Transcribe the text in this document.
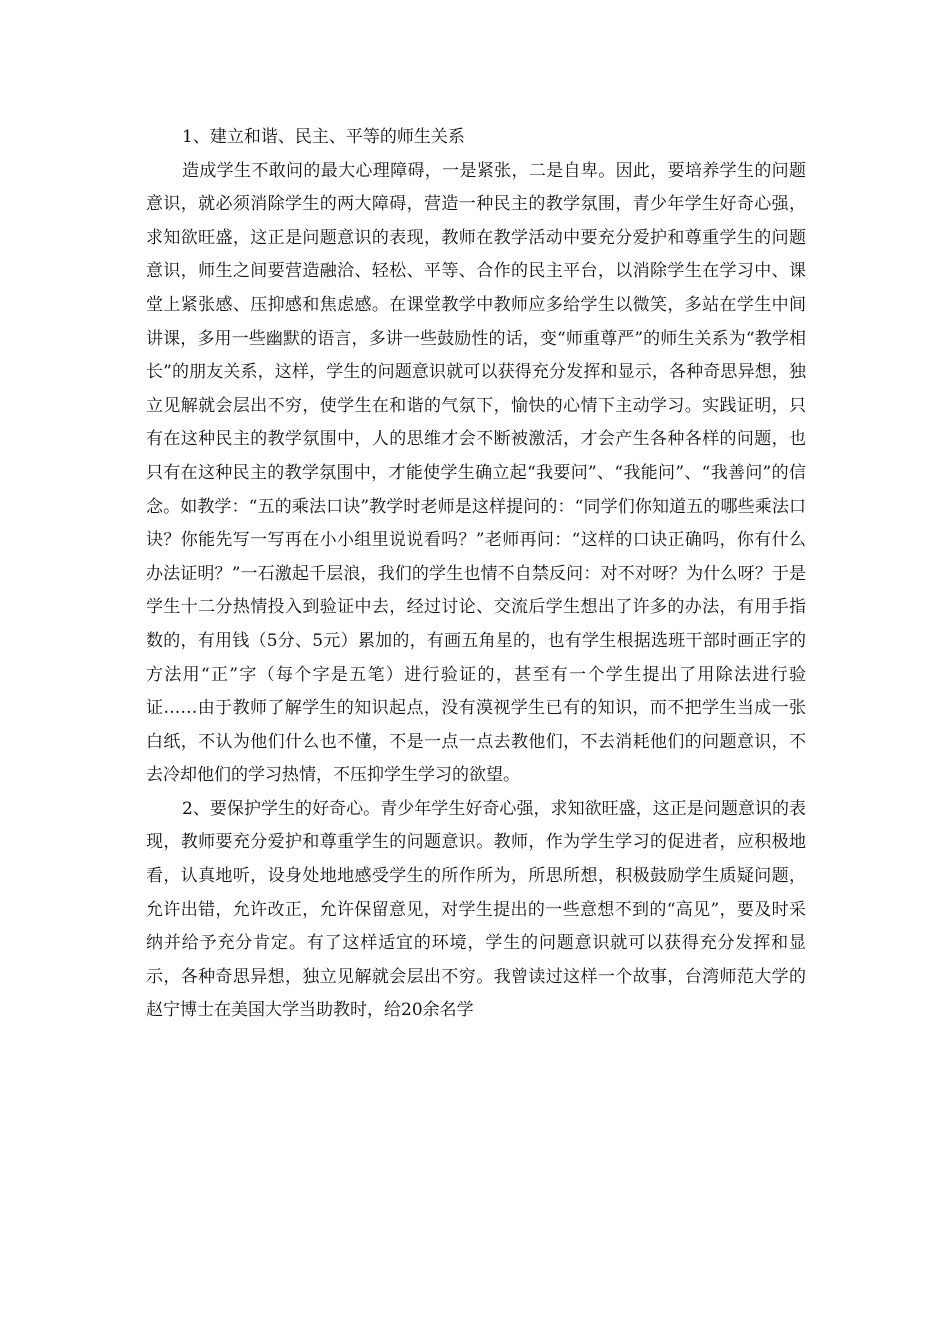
1、建立和谐、民主、平等的师生关系

造成学生不敢问的最大心理障碍，一是紧张，二是自卑。因此，要培养学生的问题意识，就必须消除学生的两大障碍，营造一种民主的教学氛围，青少年学生好奇心强，求知欲旺盛，这正是问题意识的表现，教师在教学活动中要充分爱护和尊重学生的问题意识，师生之间要营造融洽、轻松、平等、合作的民主平台，以消除学生在学习中、课堂上紧张感、压抑感和焦虑感。在课堂教学中教师应多给学生以微笑，多站在学生中间讲课，多用一些幽默的语言，多讲一些鼓励性的话，变“师重尊严”的师生关系为“教学相长”的朋友关系，这样，学生的问题意识就可以获得充分发挥和显示，各种奇思异想，独立见解就会层出不穷，使学生在和谐的气氛下，愉快的心情下主动学习。实践证明，只有在这种民主的教学氛围中，人的思维才会不断被激活，才会产生各种各样的问题，也只有在这种民主的教学氛围中，才能使学生确立起“我要问”、“我能问”、“我善问”的信念。如教学：“五的乘法口诀”教学时老师是这样提问的：“同学们你知道五的哪些乘法口诀？你能先写一写再在小小组里说说看吗？”老师再问：“这样的口诀正确吗，你有什么办法证明？”一石激起千层浪，我们的学生也情不自禁反问：对不对呀？为什么呀？于是学生十二分热情投入到验证中去，经过讨论、交流后学生想出了许多的办法，有用手指数的，有用钱（5分、5元）累加的，有画五角星的，也有学生根据选班干部时画正字的方法用“正”字（每个字是五笔）进行验证的，甚至有一个学生提出了用除法进行验证……由于教师了解学生的知识起点，没有漠视学生已有的知识，而不把学生当成一张白纸，不认为他们什么也不懂，不是一点一点去教他们，不去消耗他们的问题意识，不去冷却他们的学习热情，不压抑学生学习的欲望。

2、要保护学生的好奇心。青少年学生好奇心强，求知欲旺盛，这正是问题意识的表现，教师要充分爱护和尊重学生的问题意识。教师，作为学生学习的促进者，应积极地看，认真地听，设身处地地感受学生的所作所为，所思所想，积极鼓励学生质疑问题，允许出错，允许改正，允许保留意见，对学生提出的一些意想不到的“高见”，要及时采纳并给予充分肯定。有了这样适宜的环境，学生的问题意识就可以获得充分发挥和显示，各种奇思异想，独立见解就会层出不穷。我曾读过这样一个故事，台湾师范大学的赵宁博士在美国大学当助教时，给20余名学
